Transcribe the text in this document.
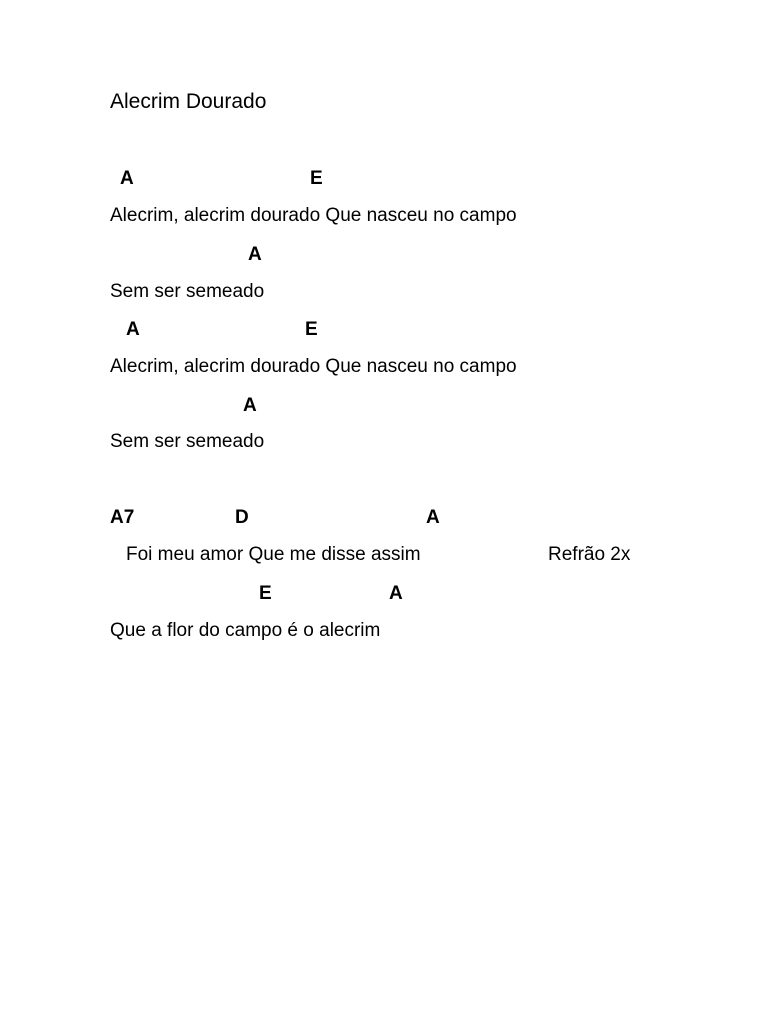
Alecrim Dourado
A	E
Alecrim, alecrim dourado Que nasceu no campo
A
Sem ser semeado
A	E
Alecrim, alecrim dourado Que nasceu no campo
A
Sem ser semeado
A7	D	A
Foi meu amor Que me disse assim	Refrão 2x
E	A
Que a flor do campo é o alecrim
